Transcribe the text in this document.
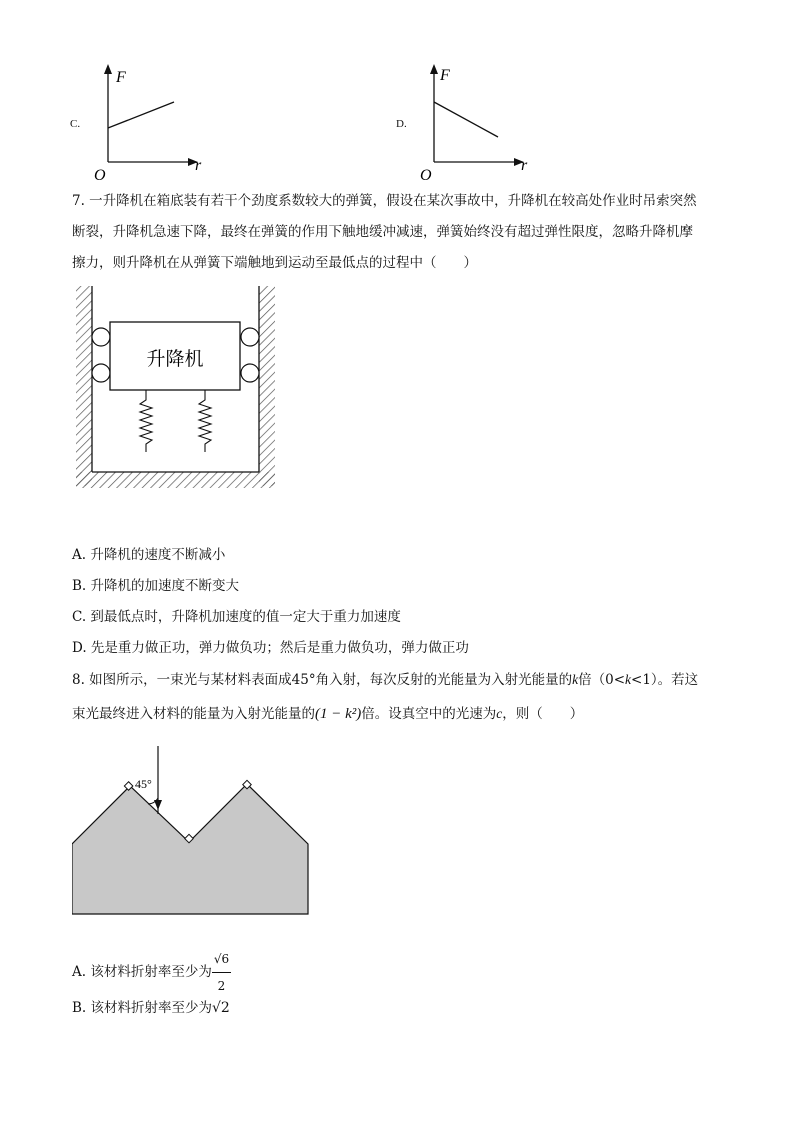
C.
F
r
O
D.
F
r
O
7. 一升降机在箱底装有若干个劲度系数较大的弹簧，假设在某次事故中，升降机在较高处作业时吊索突然
断裂，升降机急速下降，最终在弹簧的作用下触地缓冲减速，弹簧始终没有超过弹性限度，忽略升降机摩
擦力，则升降机在从弹簧下端触地到运动至最低点的过程中（　　）
升降机
A. 升降机的速度不断减小
B. 升降机的加速度不断变大
C. 到最低点时，升降机加速度的值一定大于重力加速度
D. 先是重力做正功，弹力做负功；然后是重力做负功，弹力做正功
8. 如图所示，一束光与某材料表面成45°角入射，每次反射的光能量为入射光能量的k倍（0<k<1）。若这
束光最终进入材料的能量为入射光能量的(1 − k²)倍。设真空中的光速为c，则（　　）
45°
A. 该材料折射率至少为 $\frac{√6}{2}$
B. 该材料折射率至少为√2
